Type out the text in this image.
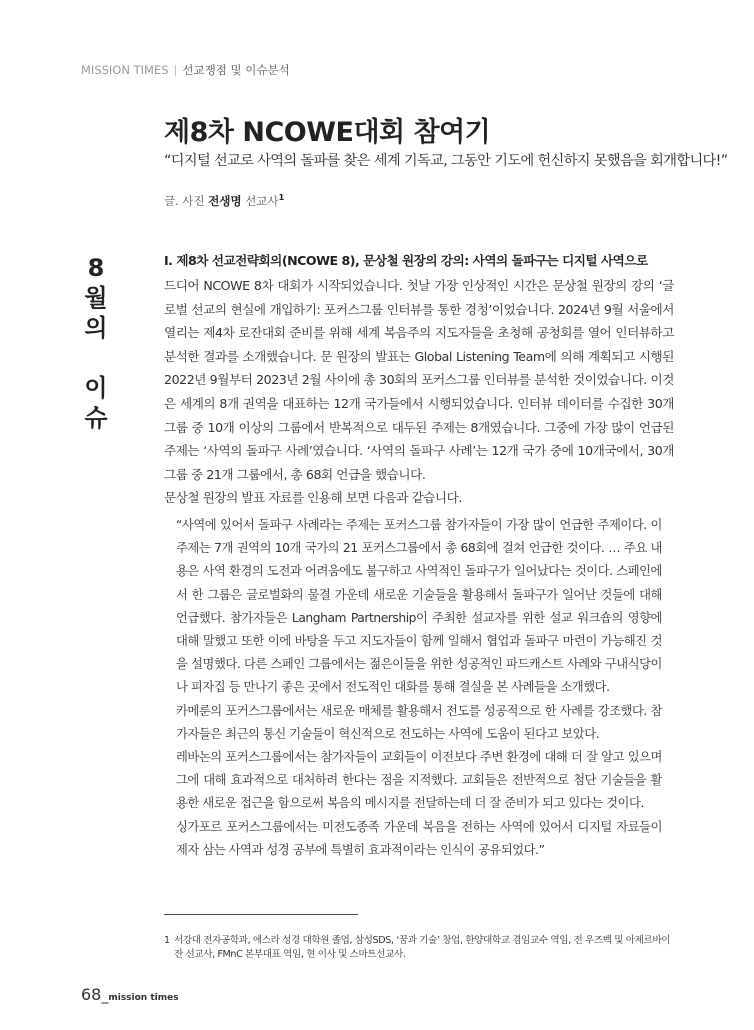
MISSION TIMES | 선교쟁점 및 이슈분석
제8차 NCOWE대회 참여기
“디지털 선교로 사역의 돌파를 찾은 세계 기독교, 그동안 기도에 헌신하지 못했음을 회개합니다!”
글. 사진 전생명 선교사$^1$
8
월
의
이
슈
I. 제8차 선교전략회의(NCOWE 8), 문상철 원장의 강의: 사역의 돌파구는 디지털 사역으로

드디어 NCOWE 8차 대회가 시작되었습니다. 첫날 가장 인상적인 시간은 문상철 원장의 강의 ‘글로벌 선교의 현실에 개입하기: 포커스그룹 인터뷰를 통한 경청’이었습니다. 2024년 9월 서울에서 열리는 제4차 로잔대회 준비를 위해 세계 복음주의 지도자들을 초청해 공청회를 열어 인터뷰하고 분석한 결과를 소개했습니다. 문 원장의 발표는 Global Listening Team에 의해 계획되고 시행된 2022년 9월부터 2023년 2월 사이에 총 30회의 포커스그룹 인터뷰를 분석한 것이었습니다. 이것은 세계의 8개 권역을 대표하는 12개 국가들에서 시행되었습니다. 인터뷰 데이터를 수집한 30개 그룹 중 10개 이상의 그룹에서 반복적으로 대두된 주제는 8개였습니다. 그중에 가장 많이 언급된 주제는 ‘사역의 돌파구 사례’였습니다. ‘사역의 돌파구 사례’는 12개 국가 중에 10개국에서, 30개 그룹 중 21개 그룹에서, 총 68회 언급을 했습니다.

문상철 원장의 발표 자료를 인용해 보면 다음과 같습니다.

“사역에 있어서 돌파구 사례라는 주제는 포커스그룹 참가자들이 가장 많이 언급한 주제이다. 이 주제는 7개 권역의 10개 국가의 21 포커스그룹에서 총 68회에 걸쳐 언급한 것이다. … 주요 내용은 사역 환경의 도전과 어려움에도 불구하고 사역적인 돌파구가 일어났다는 것이다. 스페인에서 한 그룹은 글로벌화의 물결 가운데 새로운 기술들을 활용해서 돌파구가 일어난 것들에 대해 언급했다. 참가자들은 Langham Partnership이 주최한 설교자를 위한 설교 워크숍의 영향에 대해 말했고 또한 이에 바탕을 두고 지도자들이 함께 일해서 협업과 돌파구 마련이 가능해진 것을 설명했다. 다른 스페인 그룹에서는 젊은이들을 위한 성공적인 파드캐스트 사례와 구내식당이나 피자집 등 만나기 좋은 곳에서 전도적인 대화를 통해 결실을 본 사례들을 소개했다.

카메룬의 포커스그룹에서는 새로운 매체를 활용해서 전도를 성공적으로 한 사례를 강조했다. 참가자들은 최근의 통신 기술들이 혁신적으로 전도하는 사역에 도움이 된다고 보았다.

레바논의 포커스그룹에서는 참가자들이 교회들이 이전보다 주변 환경에 대해 더 잘 알고 있으며 그에 대해 효과적으로 대처하려 한다는 점을 지적했다. 교회들은 전반적으로 첨단 기술들을 활용한 새로운 접근을 함으로써 복음의 메시지를 전달하는데 더 잘 준비가 되고 있다는 것이다.

싱가포르 포커스그룹에서는 미전도종족 가운데 복음을 전하는 사역에 있어서 디지털 자료들이 제자 삼는 사역과 성경 공부에 특별히 효과적이라는 인식이 공유되었다.”

1 서강대 전자공학과, 에스라 성경 대학원 졸업, 삼성SDS, ‘꿈과 기술’ 창업, 한양대학교 겸임교수 역임, 전 우즈벡 및 아제르바이잔 선교사, FMnC 본부대표 역임, 현 이사 및 스마트선교사.
68_mission times
